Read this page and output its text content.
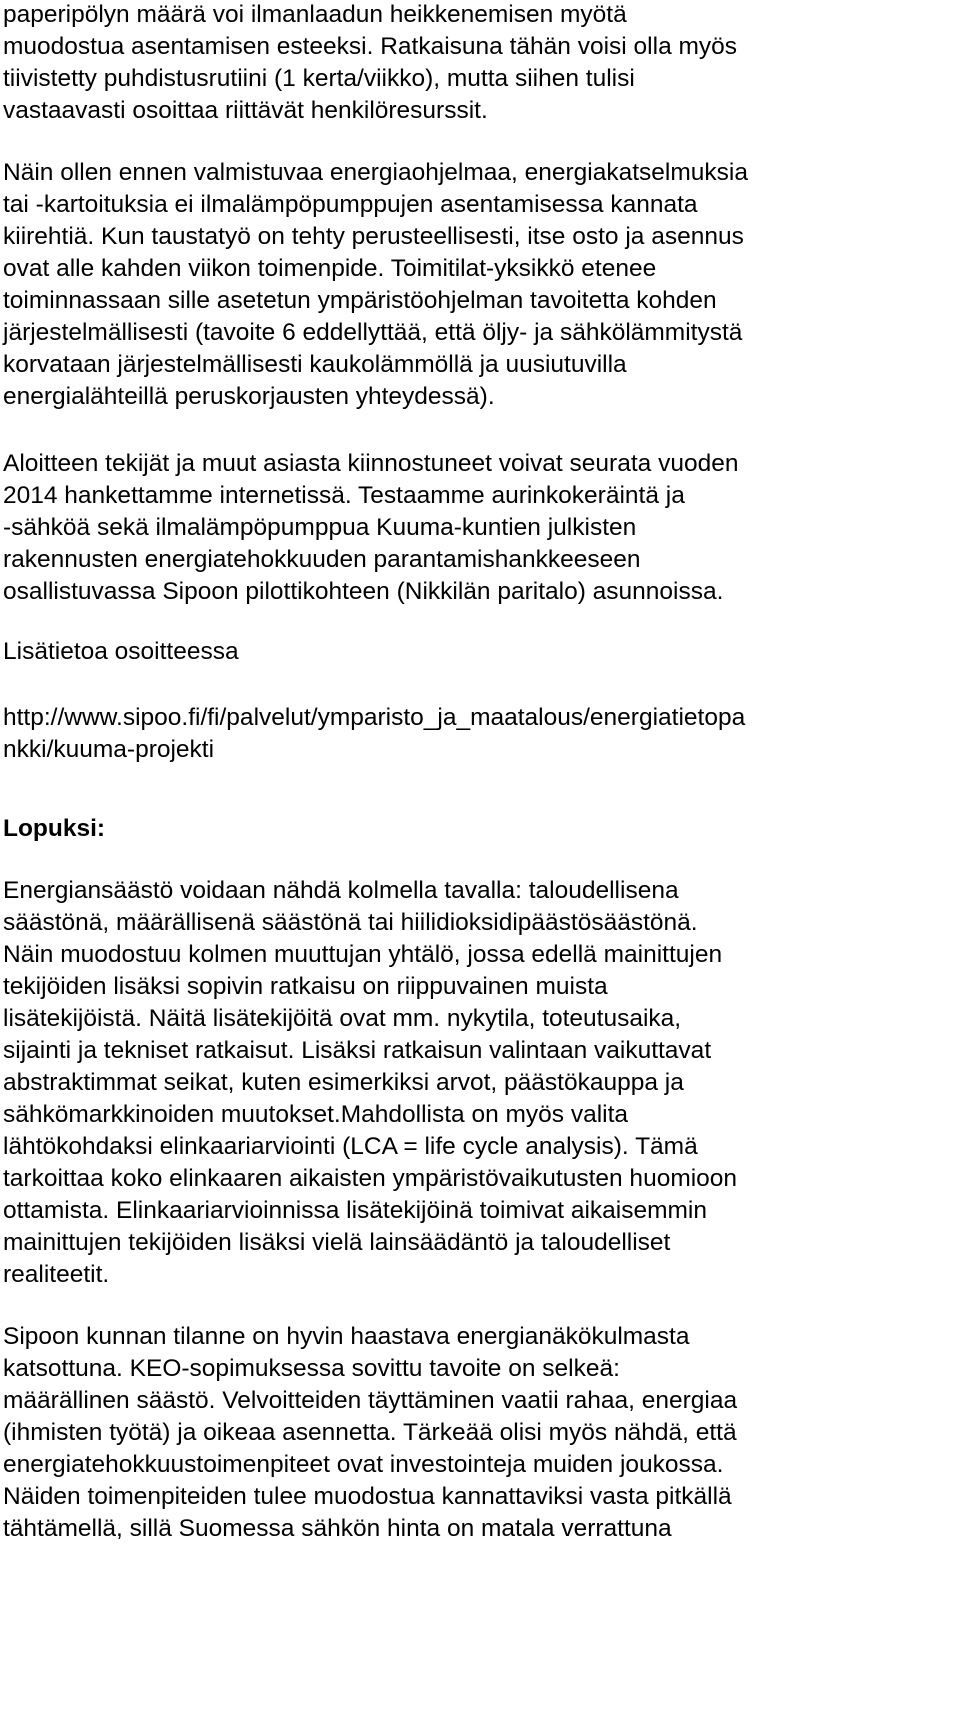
paperipölyn määrä voi ilmanlaadun heikkenemisen myötä
muodostua asentamisen esteeksi. Ratkaisuna tähän voisi olla myös
tiivistetty puhdistusrutiini (1 kerta/viikko), mutta siihen tulisi
vastaavasti osoittaa riittävät henkilöresurssit.
Näin ollen ennen valmistuvaa energiaohjelmaa, energiakatselmuksia
tai -kartoituksia ei ilmalämpöpumppujen asentamisessa kannata
kiirehtiä. Kun taustatyö on tehty perusteellisesti, itse osto ja asennus
ovat alle kahden viikon toimenpide. Toimitilat-yksikkö etenee
toiminnassaan sille asetetun ympäristöohjelman tavoitetta kohden
järjestelmällisesti (tavoite 6 eddellyttää, että öljy- ja sähkölämmitystä
korvataan järjestelmällisesti kaukolämmöllä ja uusiutuvilla
energialähteillä peruskorjausten yhteydessä).
Aloitteen tekijät ja muut asiasta kiinnostuneet voivat seurata vuoden
2014 hankettamme internetissä. Testaamme aurinkokeräintä ja
-sähköä sekä ilmalämpöpumppua Kuuma-kuntien julkisten
rakennusten energiatehokkuuden parantamishankkeeseen
osallistuvassa Sipoon pilottikohteen (Nikkilän paritalo) asunnoissa.
Lisätietoa osoitteessa
http://www.sipoo.fi/fi/palvelut/ymparisto_ja_maatalous/energiatietopa
nkki/kuuma-projekti
Lopuksi:
Energiansäästö voidaan nähdä kolmella tavalla: taloudellisena
säästönä, määrällisenä säästönä tai hiilidioksidipäästösäästönä.
Näin muodostuu kolmen muuttujan yhtälö, jossa edellä mainittujen
tekijöiden lisäksi sopivin ratkaisu on riippuvainen muista
lisätekijöistä. Näitä lisätekijöitä ovat mm. nykytila, toteutusaika,
sijainti ja tekniset ratkaisut. Lisäksi ratkaisun valintaan vaikuttavat
abstraktimmat seikat, kuten esimerkiksi arvot, päästökauppa ja
sähkömarkkinoiden muutokset.Mahdollista on myös valita
lähtökohdaksi elinkaariarviointi (LCA = life cycle analysis). Tämä
tarkoittaa koko elinkaaren aikaisten ympäristövaikutusten huomioon
ottamista. Elinkaariarvioinnissa lisätekijöinä toimivat aikaisemmin
mainittujen tekijöiden lisäksi vielä lainsäädäntö ja taloudelliset
realiteetit.
Sipoon kunnan tilanne on hyvin haastava energianäkökulmasta
katsottuna. KEO-sopimuksessa sovittu tavoite on selkeä:
määrällinen säästö. Velvoitteiden täyttäminen vaatii rahaa, energiaa
(ihmisten työtä) ja oikeaa asennetta. Tärkeää olisi myös nähdä, että
energiatehokkuustoimenpiteet ovat investointeja muiden joukossa.
Näiden toimenpiteiden tulee muodostua kannattaviksi vasta pitkällä
tähtämellä, sillä Suomessa sähkön hinta on matala verrattuna
